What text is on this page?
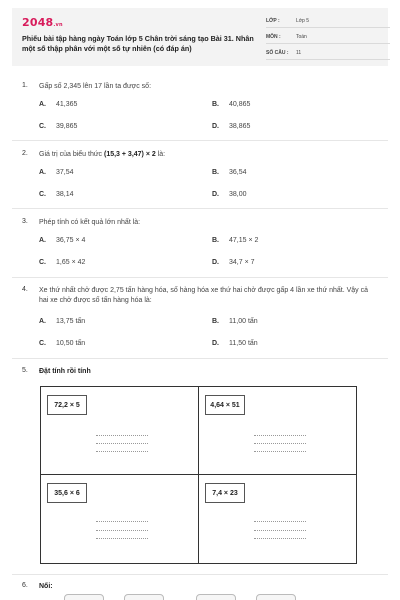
2048.vn
Phiếu bài tập hàng ngày Toán lớp 5 Chân trời sáng tạo Bài 31. Nhân một số thập phân với một số tự nhiên (có đáp án)
LỚP :	Lớp 5
MÔN :	Toán
SỐ CÂU : 11
1. Gấp số 2,345 lên 17 lần ta được số:
A. 41,365	B. 40,865
C. 39,865	D. 38,865
2. Giá trị của biểu thức (15,3 + 3,47) × 2 là:
A. 37,54	B. 36,54
C. 38,14	D. 38,00
3. Phép tính có kết quả lớn nhất là:
A. 36,75 × 4	B. 47,15 × 2
C. 1,65 × 42	D. 34,7 × 7
4. Xe thứ nhất chở được 2,75 tấn hàng hóa, số hàng hóa xe thứ hai chở được gấp 4 lần xe thứ nhất. Vậy cả hai xe chở được số tấn hàng hóa là:
A. 13,75 tấn	B. 11,00 tấn
C. 10,50 tấn	D. 11,50 tấn
5. Đặt tính rồi tính
72,2 × 5	4,64 × 51
35,6 × 6	7,4 × 23
6. Nối:
